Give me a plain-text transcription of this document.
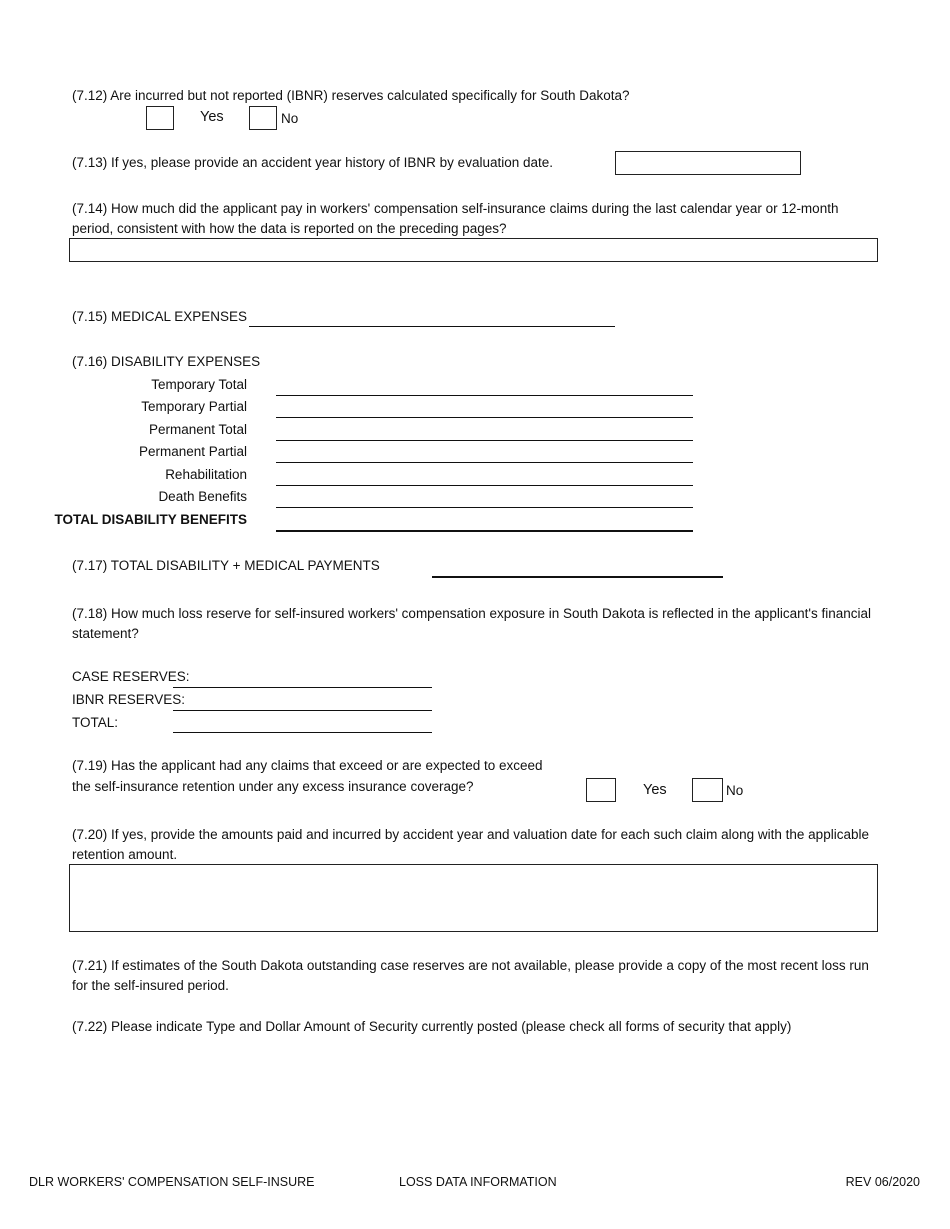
(7.12) Are incurred but not reported (IBNR) reserves calculated specifically for South Dakota?
Yes	No
(7.13) If yes, please provide an accident year history of IBNR by evaluation date.
(7.14) How much did the applicant pay in workers' compensation self-insurance claims during the last calendar year or 12-month period, consistent with how the data is reported on the preceding pages?
(7.15) MEDICAL EXPENSES
(7.16) DISABILITY EXPENSES
Temporary Total
Temporary Partial
Permanent Total
Permanent Partial
Rehabilitation
Death Benefits
TOTAL DISABILITY BENEFITS
(7.17) TOTAL DISABILITY + MEDICAL PAYMENTS
(7.18) How much loss reserve for self-insured workers' compensation exposure in South Dakota is reflected in the applicant's financial statement?
CASE RESERVES:
IBNR RESERVES:
TOTAL:
(7.19) Has the applicant had any claims that exceed or are expected to exceed
the self-insurance retention under any excess insurance coverage?	Yes	No
(7.20) If yes, provide the amounts paid and incurred by accident year and valuation date for each such claim along with the applicable retention amount.
(7.21) If estimates of the South Dakota outstanding case reserves are not available, please provide a copy of the most recent loss run for the self-insured period.
(7.22) Please indicate Type and Dollar Amount of Security currently posted (please check all forms of security that apply)
DLR WORKERS' COMPENSATION SELF-INSURE	LOSS DATA INFORMATION	REV 06/2020
